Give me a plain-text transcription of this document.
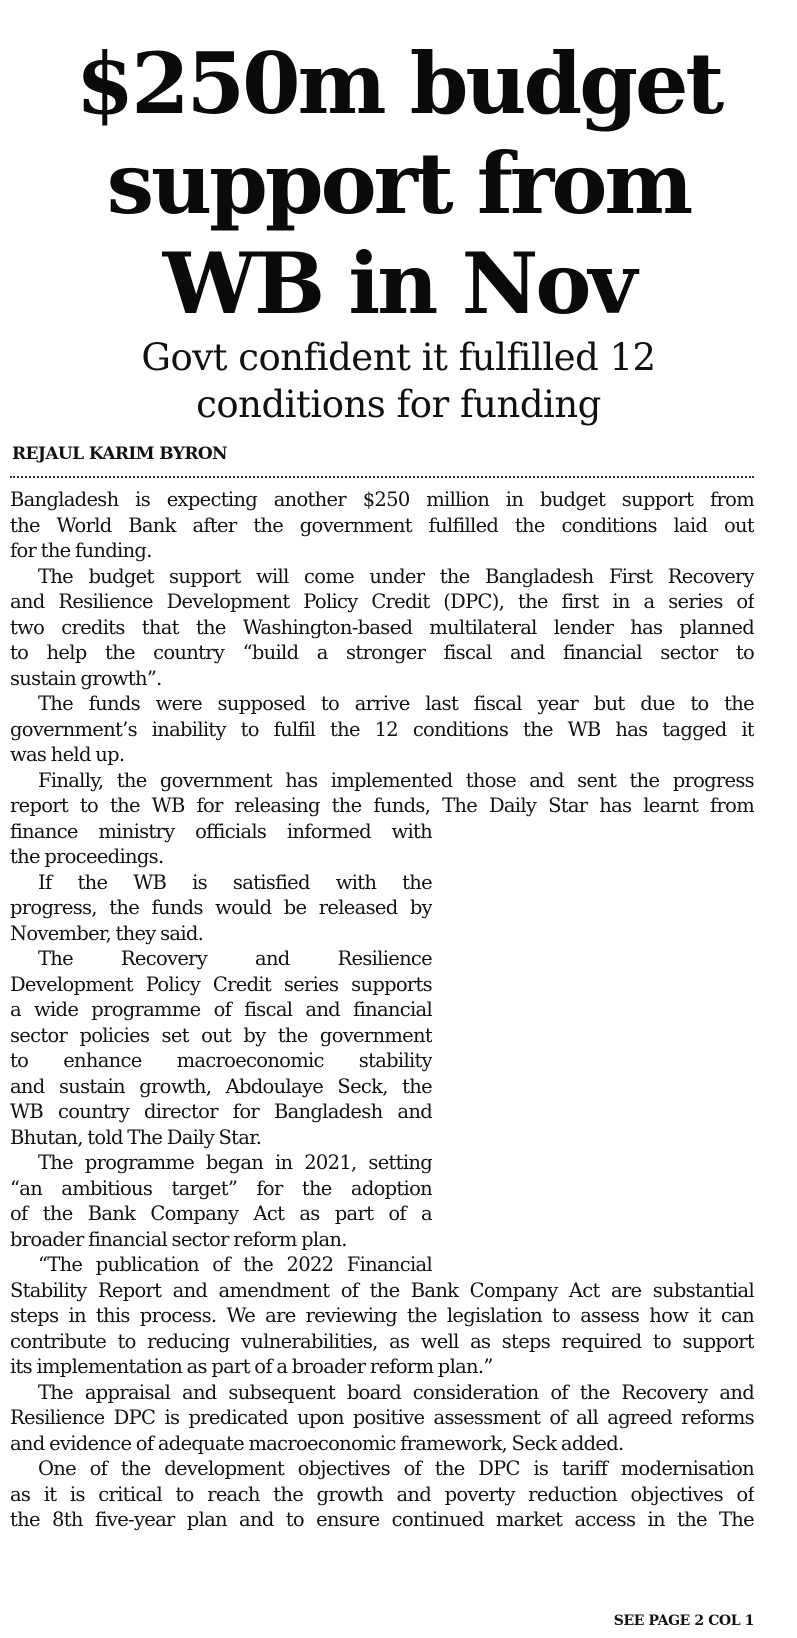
$250m budget
support from
WB in Nov
Govt confident it fulfilled 12
conditions for funding
REJAUL KARIM BYRON
Bangladesh is expecting another $250 million in budget support from
the World Bank after the government fulfilled the conditions laid out
for the funding.
The budget support will come under the Bangladesh First Recovery
and Resilience Development Policy Credit (DPC), the first in a series of
two credits that the Washington-based multilateral lender has planned
to help the country “build a stronger fiscal and financial sector to
sustain growth”.
The funds were supposed to arrive last fiscal year but due to the
government’s inability to fulfil the 12 conditions the WB has tagged it
was held up.
Finally, the government has implemented those and sent the progress
report to the WB for releasing the funds, The Daily Star has learnt from
finance ministry officials informed with
the proceedings.
If the WB is satisfied with the
progress, the funds would be released by
November, they said.
The Recovery and Resilience
Development Policy Credit series supports
a wide programme of fiscal and financial
sector policies set out by the government
to enhance macroeconomic stability
and sustain growth, Abdoulaye Seck, the
WB country director for Bangladesh and
Bhutan, told The Daily Star.
The programme began in 2021, setting
“an ambitious target” for the adoption
of the Bank Company Act as part of a
broader financial sector reform plan.
“The publication of the 2022 Financial
Stability Report and amendment of the Bank Company Act are substantial
steps in this process. We are reviewing the legislation to assess how it can
contribute to reducing vulnerabilities, as well as steps required to support
its implementation as part of a broader reform plan.”
The appraisal and subsequent board consideration of the Recovery and
Resilience DPC is predicated upon positive assessment of all agreed reforms
and evidence of adequate macroeconomic framework, Seck added.
One of the development objectives of the DPC is tariff modernisation
as it is critical to reach the growth and poverty reduction objectives of
the 8th five-year plan and to ensure continued market access in the The
SEE PAGE 2 COL 1
